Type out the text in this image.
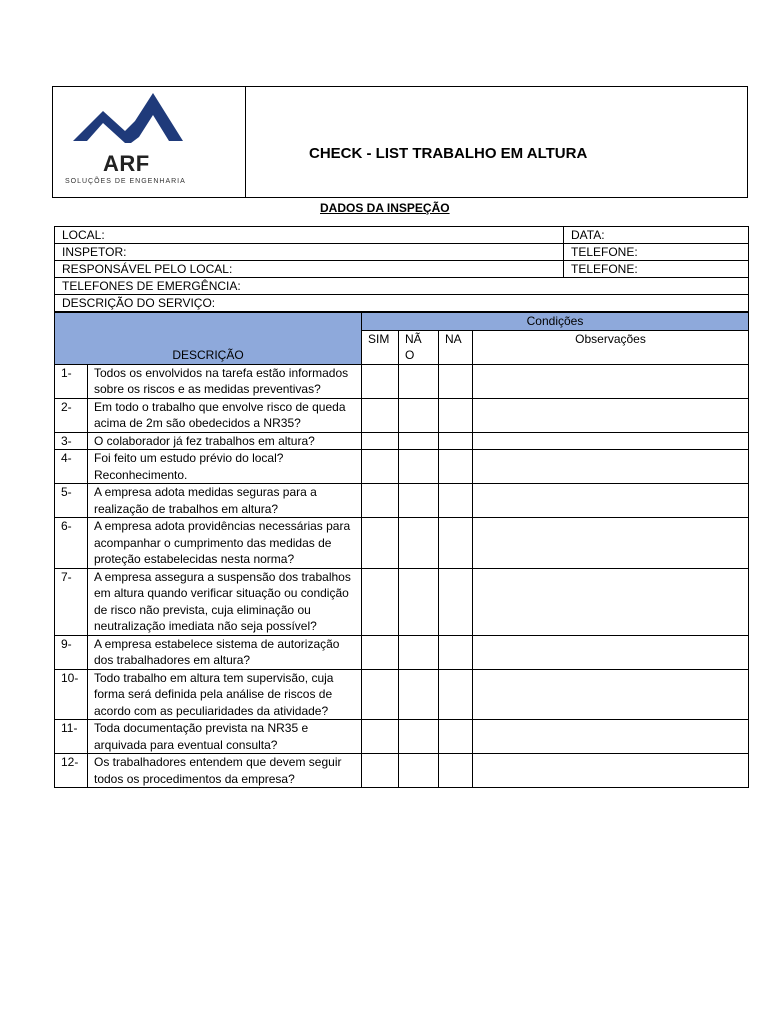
ARF
SOLUÇÕES DE ENGENHARIA
CHECK - LIST TRABALHO EM ALTURA
DADOS DA INSPEÇÃO
LOCAL:	DATA:
INSPETOR:	TELEFONE:
RESPONSÁVEL PELO LOCAL:	TELEFONE:
TELEFONES DE EMERGÊNCIA:	
DESCRIÇÃO DO SERVIÇO:	
DESCRIÇÃO		Condições			
		SIM	NÃ O	NA	Observações
1-	Todos os envolvidos na tarefa estão informados sobre os riscos e as medidas preventivas?				
2-	Em todo o trabalho que envolve risco de queda acima de 2m são obedecidos a NR35?				
3-	O colaborador já fez trabalhos em altura?				
4-	Foi feito um estudo prévio do local? Reconhecimento.				
5-	A empresa adota medidas seguras para a realização de trabalhos em altura?				
6-	A empresa adota providências necessárias para acompanhar o cumprimento das medidas de proteção estabelecidas nesta norma?				
7-	A empresa assegura a suspensão dos trabalhos em altura quando verificar situação ou condição de risco não prevista, cuja eliminação ou neutralização imediata não seja possível?				
9-	A empresa estabelece sistema de autorização dos trabalhadores em altura?				
10-	Todo trabalho em altura tem supervisão, cuja forma será definida pela análise de riscos de acordo com as peculiaridades da atividade?				
11-	Toda documentação prevista na NR35 e arquivada para eventual consulta?				
12-	Os trabalhadores entendem que devem seguir todos os procedimentos da empresa?				
